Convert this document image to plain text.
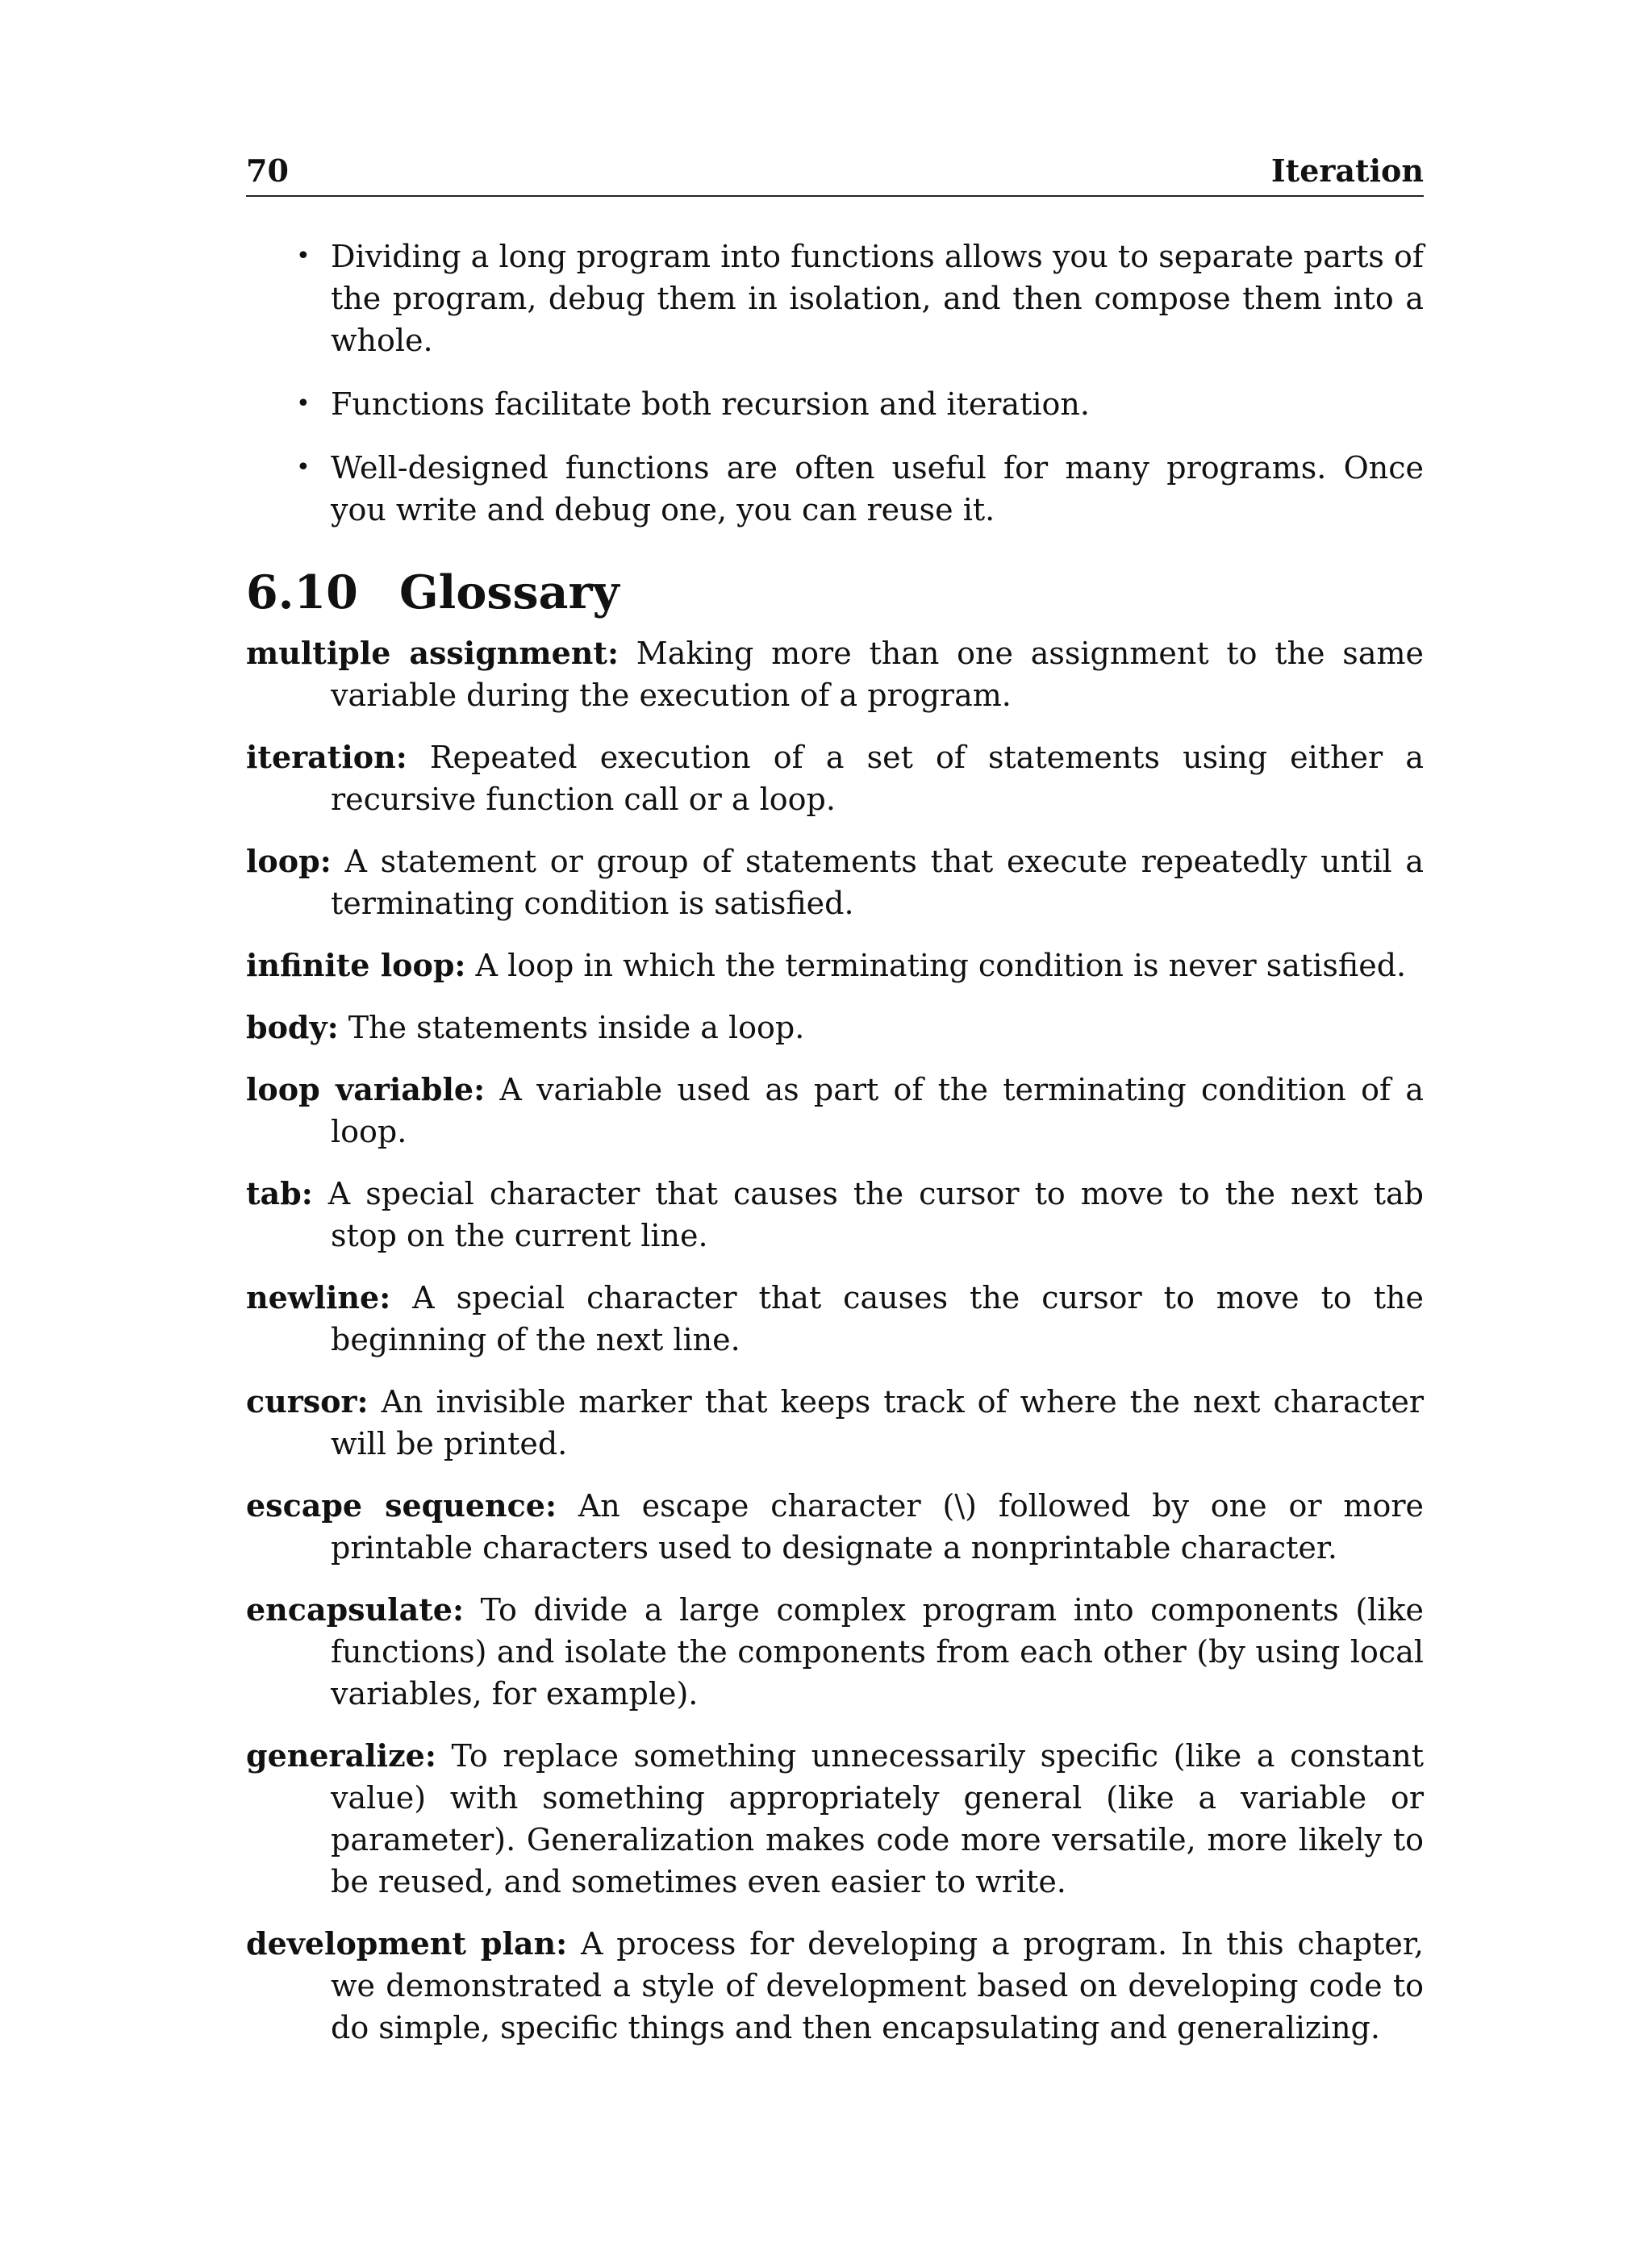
70	Iteration
• Dividing a long program into functions allows you to separate parts of the program, debug them in isolation, and then compose them into a whole.
• Functions facilitate both recursion and iteration.
• Well-designed functions are often useful for many programs. Once you write and debug one, you can reuse it.
6.10 Glossary

multiple assignment: Making more than one assignment to the same variable during the execution of a program.

iteration: Repeated execution of a set of statements using either a recursive function call or a loop.

loop: A statement or group of statements that execute repeatedly until a terminating condition is satisfied.

infinite loop: A loop in which the terminating condition is never satisfied.

body: The statements inside a loop.

loop variable: A variable used as part of the terminating condition of a loop.

tab: A special character that causes the cursor to move to the next tab stop on the current line.

newline: A special character that causes the cursor to move to the beginning of the next line.

cursor: An invisible marker that keeps track of where the next character will be printed.

escape sequence: An escape character (\) followed by one or more printable characters used to designate a nonprintable character.

encapsulate: To divide a large complex program into components (like functions) and isolate the components from each other (by using local variables, for example).

generalize: To replace something unnecessarily specific (like a constant value) with something appropriately general (like a variable or parameter). Generalization makes code more versatile, more likely to be reused, and sometimes even easier to write.

development plan: A process for developing a program. In this chapter, we demonstrated a style of development based on developing code to do simple, specific things and then encapsulating and generalizing.
